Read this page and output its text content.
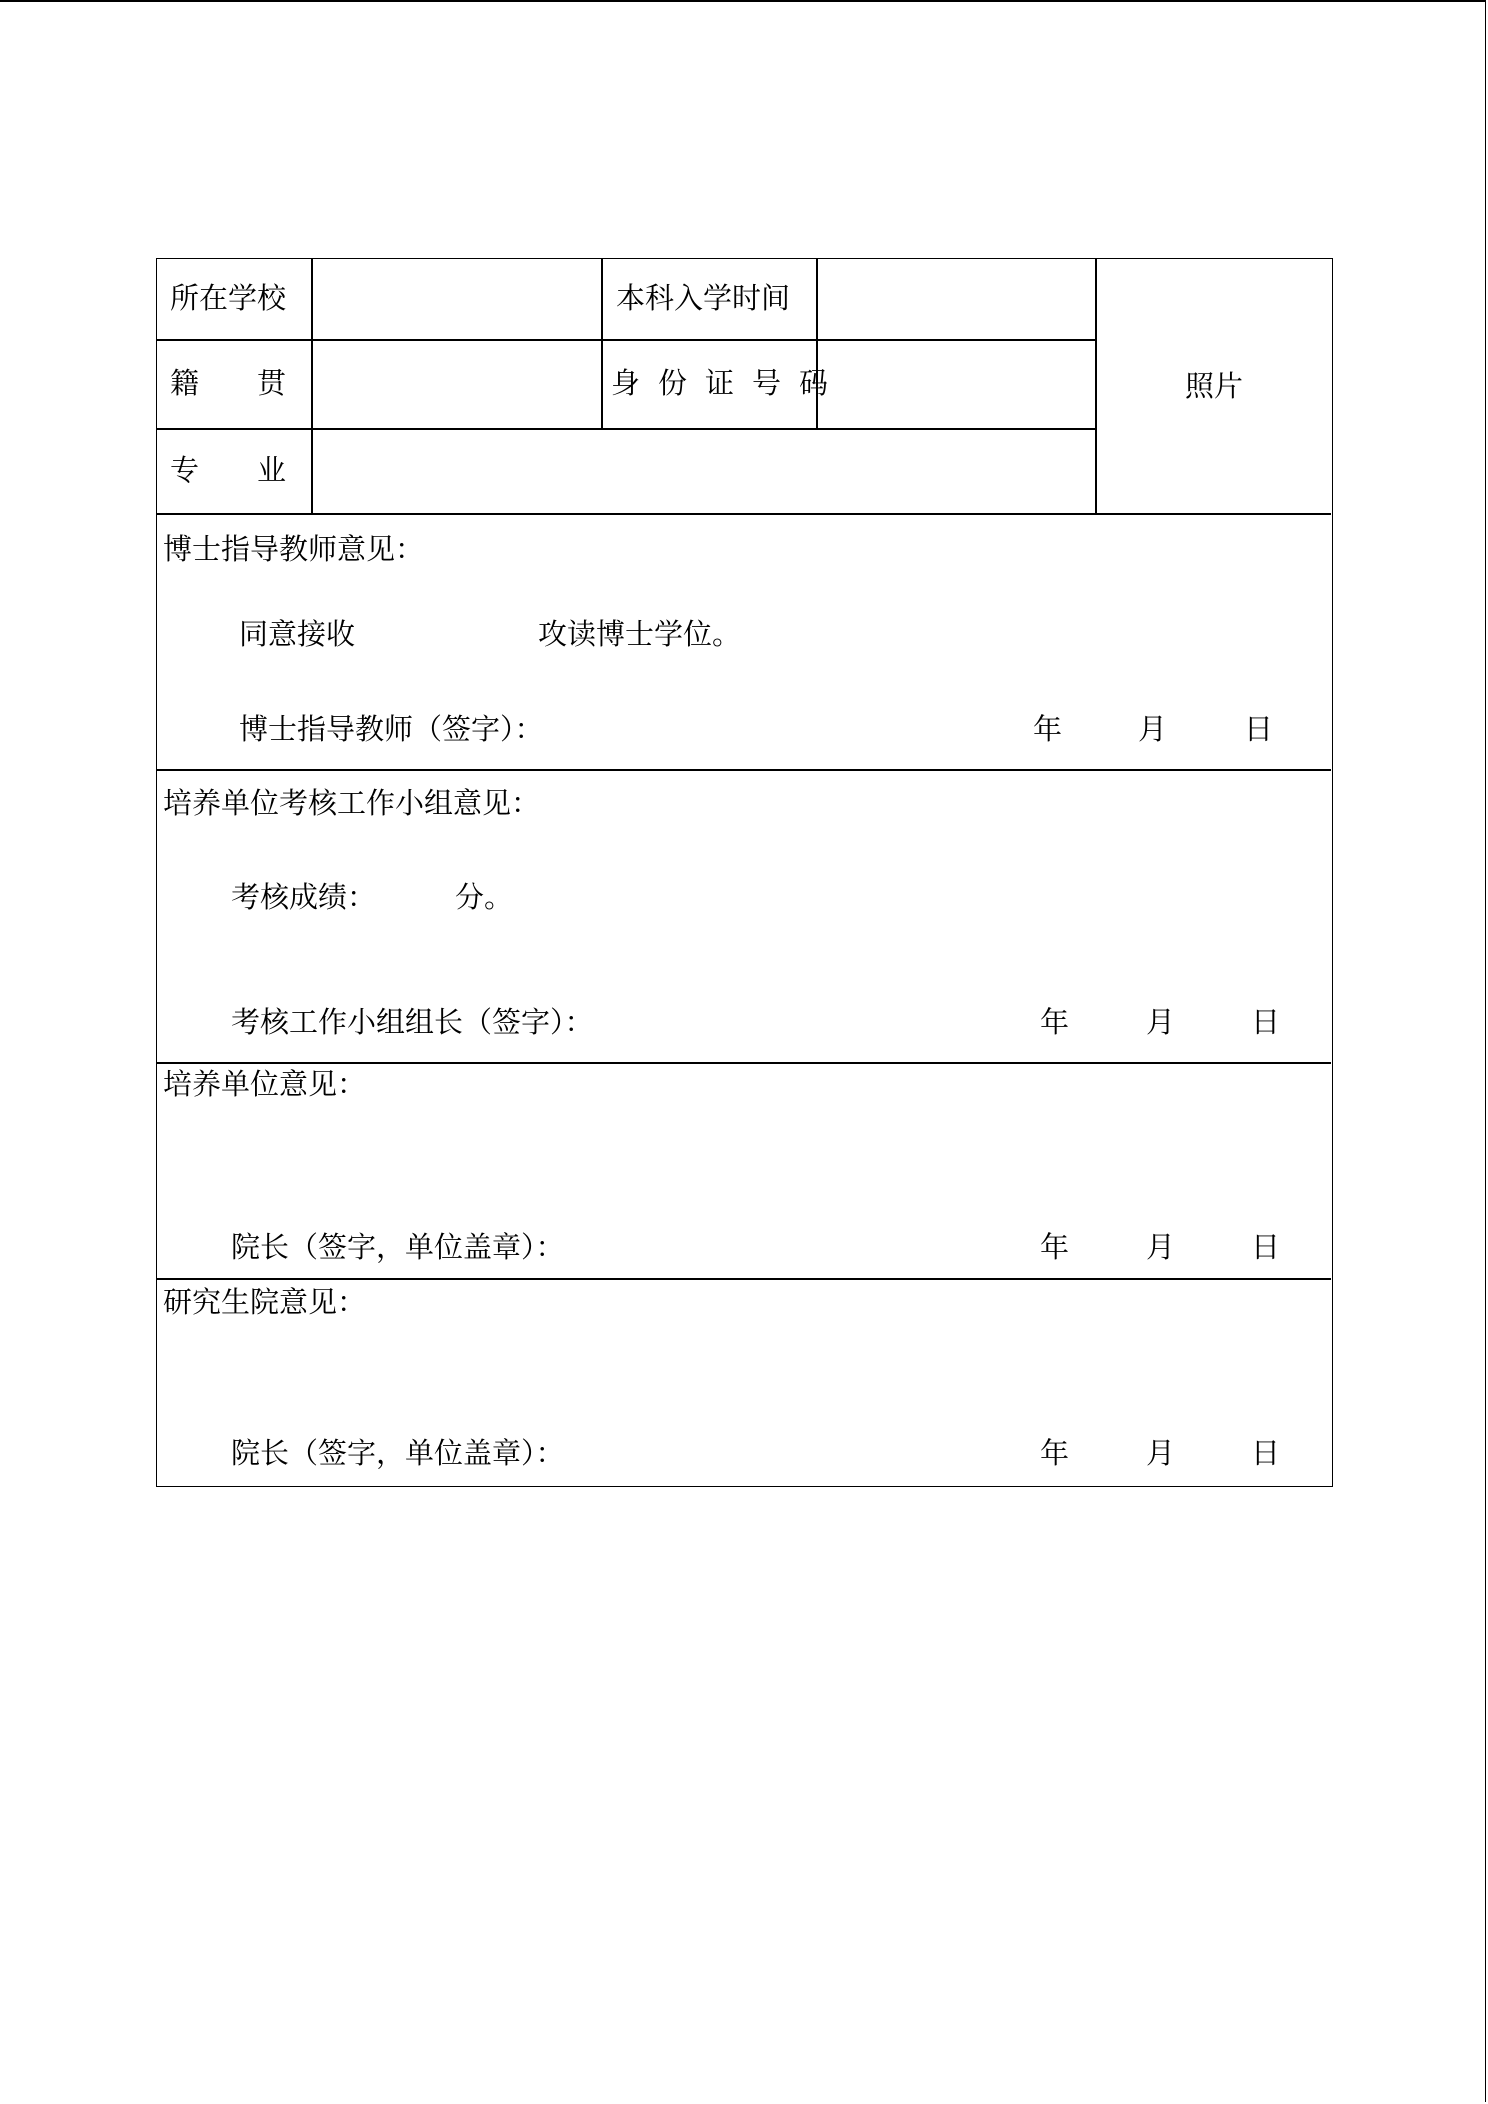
所在学校	本科入学时间
籍贯	身份证号码
专业
照片
博士指导教师意见：
同意接收	攻读博士学位。
博士指导教师（签字）：	年	月	日
培养单位考核工作小组意见：
考核成绩：	分。
考核工作小组组长（签字）：	年	月	日
培养单位意见：
院长（签字，单位盖章）：	年	月	日
研究生院意见：
院长（签字，单位盖章）：	年	月	日
